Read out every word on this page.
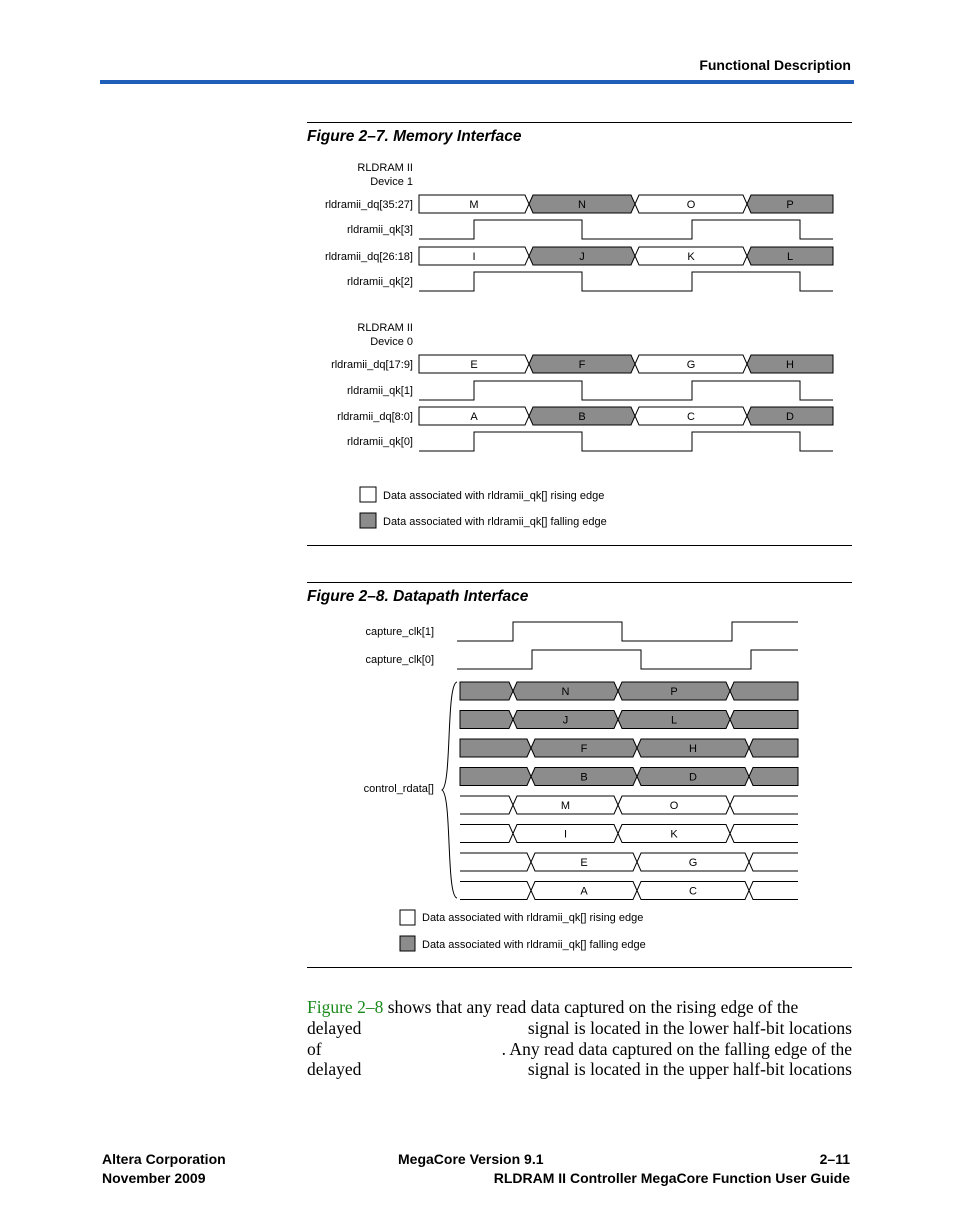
Functional Description
Figure 2–7. Memory Interface
RLDRAM II
Device 1
rldramii_dq[35:27]	M	N	O	P
rldramii_qk[3]
rldramii_dq[26:18]	I	J	K	L
rldramii_qk[2]
RLDRAM II
Device 0
rldramii_dq[17:9]	E	F	G	H
rldramii_qk[1]
rldramii_dq[8:0]	A	B	C	D
rldramii_qk[0]
Data associated with rldramii_qk[] rising edge
Data associated with rldramii_qk[] falling edge
Figure 2–8. Datapath Interface
capture_clk[1]
capture_clk[0]
N	P
J	L
F	H
B	D
M	O
I	K
E	G
A	C
control_rdata[]
Data associated with rldramii_qk[] rising edge
Data associated with rldramii_qk[] falling edge
Figure 2–8
shows that any read data captured on the rising edge of the
delayed	signal is located in the lower half-bit locations
of	. Any read data captured on the falling edge of the
delayed	signal is located in the upper half-bit locations
Altera Corporation
November 2009
MegaCore Version 9.1	2–11
RLDRAM II Controller MegaCore Function User Guide
